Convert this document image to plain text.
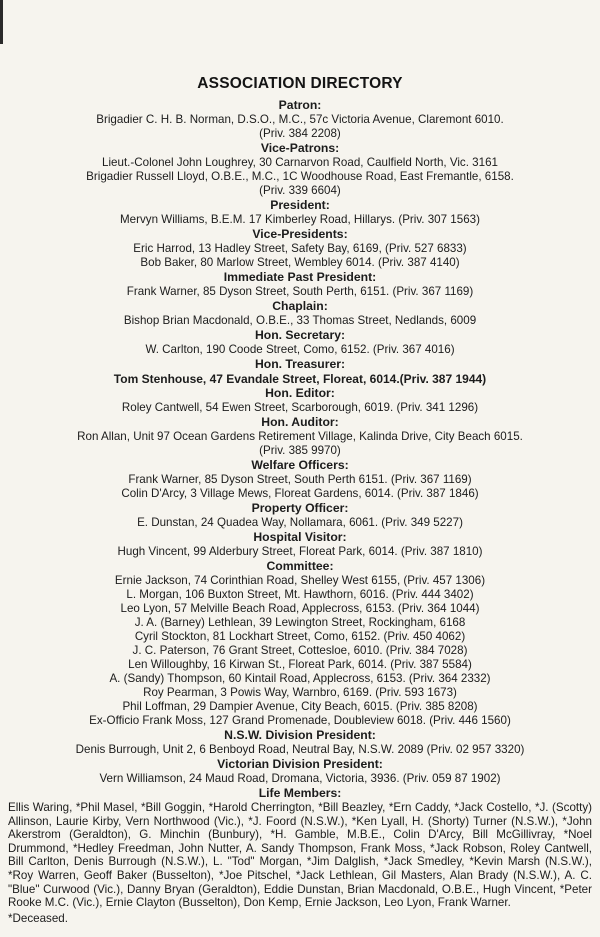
ASSOCIATION DIRECTORY
Patron:
Brigadier C. H. B. Norman, D.S.O., M.C., 57c Victoria Avenue, Claremont 6010.
(Priv. 384 2208)
Vice-Patrons:
Lieut.-Colonel John Loughrey, 30 Carnarvon Road, Caulfield North, Vic. 3161
Brigadier Russell Lloyd, O.B.E., M.C., 1C Woodhouse Road, East Fremantle, 6158.
(Priv. 339 6604)
President:
Mervyn Williams, B.E.M. 17 Kimberley Road, Hillarys. (Priv. 307 1563)
Vice-Presidents:
Eric Harrod, 13 Hadley Street, Safety Bay, 6169, (Priv. 527 6833)
Bob Baker, 80 Marlow Street, Wembley 6014. (Priv. 387 4140)
Immediate Past President:
Frank Warner, 85 Dyson Street, South Perth, 6151. (Priv. 367 1169)
Chaplain:
Bishop Brian Macdonald, O.B.E., 33 Thomas Street, Nedlands, 6009
Hon. Secretary:
W. Carlton, 190 Coode Street, Como, 6152. (Priv. 367 4016)
Hon. Treasurer:
Tom Stenhouse, 47 Evandale Street, Floreat, 6014.(Priv. 387 1944)
Hon. Editor:
Roley Cantwell, 54 Ewen Street, Scarborough, 6019. (Priv. 341 1296)
Hon. Auditor:
Ron Allan, Unit 97 Ocean Gardens Retirement Village, Kalinda Drive, City Beach 6015.
(Priv. 385 9970)
Welfare Officers:
Frank Warner, 85 Dyson Street, South Perth 6151. (Priv. 367 1169)
Colin D'Arcy, 3 Village Mews, Floreat Gardens, 6014. (Priv. 387 1846)
Property Officer:
E. Dunstan, 24 Quadea Way, Nollamara, 6061. (Priv. 349 5227)
Hospital Visitor:
Hugh Vincent, 99 Alderbury Street, Floreat Park, 6014. (Priv. 387 1810)
Committee:
Ernie Jackson, 74 Corinthian Road, Shelley West 6155, (Priv. 457 1306)
L. Morgan, 106 Buxton Street, Mt. Hawthorn, 6016. (Priv. 444 3402)
Leo Lyon, 57 Melville Beach Road, Applecross, 6153. (Priv. 364 1044)
J. A. (Barney) Lethlean, 39 Lewington Street, Rockingham, 6168
Cyril Stockton, 81 Lockhart Street, Como, 6152. (Priv. 450 4062)
J. C. Paterson, 76 Grant Street, Cottesloe, 6010. (Priv. 384 7028)
Len Willoughby, 16 Kirwan St., Floreat Park, 6014. (Priv. 387 5584)
A. (Sandy) Thompson, 60 Kintail Road, Applecross, 6153. (Priv. 364 2332)
Roy Pearman, 3 Powis Way, Warnbro, 6169. (Priv. 593 1673)
Phil Loffman, 29 Dampier Avenue, City Beach, 6015. (Priv. 385 8208)
Ex-Officio Frank Moss, 127 Grand Promenade, Doubleview 6018. (Priv. 446 1560)
N.S.W. Division President:
Denis Burrough, Unit 2, 6 Benboyd Road, Neutral Bay, N.S.W. 2089 (Priv. 02 957 3320)
Victorian Division President:
Vern Williamson, 24 Maud Road, Dromana, Victoria, 3936. (Priv. 059 87 1902)
Life Members:
Ellis Waring, *Phil Masel, *Bill Goggin, *Harold Cherrington, *Bill Beazley, *Ern Caddy, *Jack Costello, *J. (Scotty) Allinson, Laurie Kirby, Vern Northwood (Vic.), *J. Foord (N.S.W.), *Ken Lyall, H. (Shorty) Turner (N.S.W.), *John Akerstrom (Geraldton), G. Minchin (Bunbury), *H. Gamble, M.B.E., Colin D'Arcy, Bill McGillivray, *Noel Drummond, *Hedley Freedman, John Nutter, A. Sandy Thompson, Frank Moss, *Jack Robson, Roley Cantwell, Bill Carlton, Denis Burrough (N.S.W.), L. "Tod" Morgan, *Jim Dalglish, *Jack Smedley, *Kevin Marsh (N.S.W.), *Roy Warren, Geoff Baker (Busselton), *Joe Pitschel, *Jack Lethlean, Gil Masters, Alan Brady (N.S.W.), A. C. "Blue" Curwood (Vic.), Danny Bryan (Geraldton), Eddie Dunstan, Brian Macdonald, O.B.E., Hugh Vincent, *Peter Rooke M.C. (Vic.), Ernie Clayton (Busselton), Don Kemp, Ernie Jackson, Leo Lyon, Frank Warner.
*Deceased.
